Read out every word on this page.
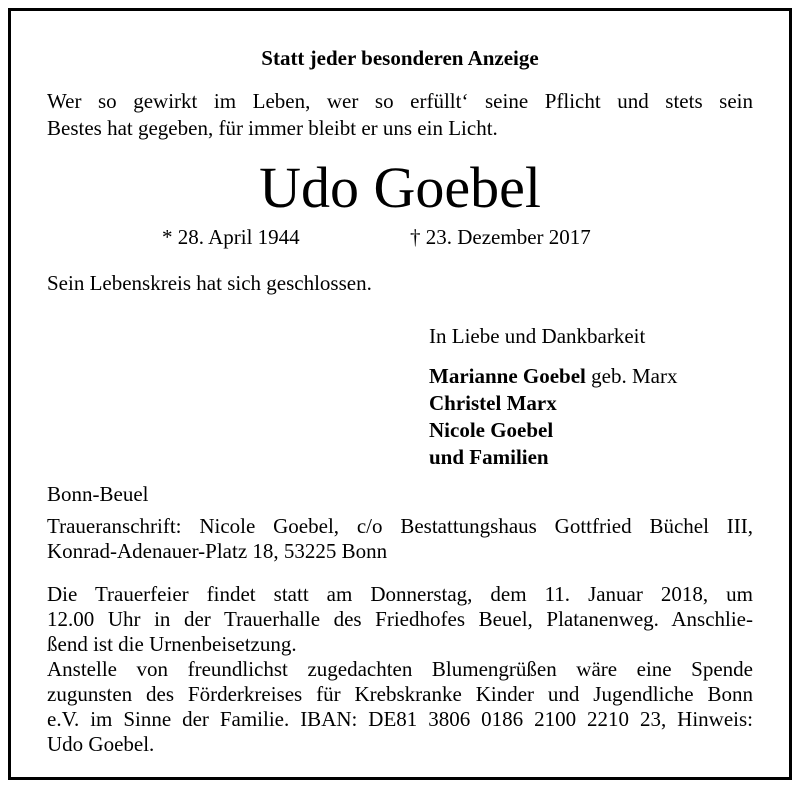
Statt jeder besonderen Anzeige
Wer so gewirkt im Leben, wer so erfüllt‘ seine Pflicht und stets sein
Bestes hat gegeben, für immer bleibt er uns ein Licht.
Udo Goebel
* 28. April 1944	† 23. Dezember 2017
Sein Lebenskreis hat sich geschlossen.
In Liebe und Dankbarkeit
Marianne Goebel geb. Marx
Christel Marx
Nicole Goebel
und Familien
Bonn-Beuel
Traueranschrift: Nicole Goebel, c/o Bestattungshaus Gottfried Büchel III,
Konrad-Adenauer-Platz 18, 53225 Bonn
Die Trauerfeier findet statt am Donnerstag, dem 11. Januar 2018, um
12.00 Uhr in der Trauerhalle des Friedhofes Beuel, Platanenweg. Anschlie-
ßend ist die Urnenbeisetzung.
Anstelle von freundlichst zugedachten Blumengrüßen wäre eine Spende
zugunsten des Förderkreises für Krebskranke Kinder und Jugendliche Bonn
e.V. im Sinne der Familie. IBAN: DE81 3806 0186 2100 2210 23, Hinweis:
Udo Goebel.
